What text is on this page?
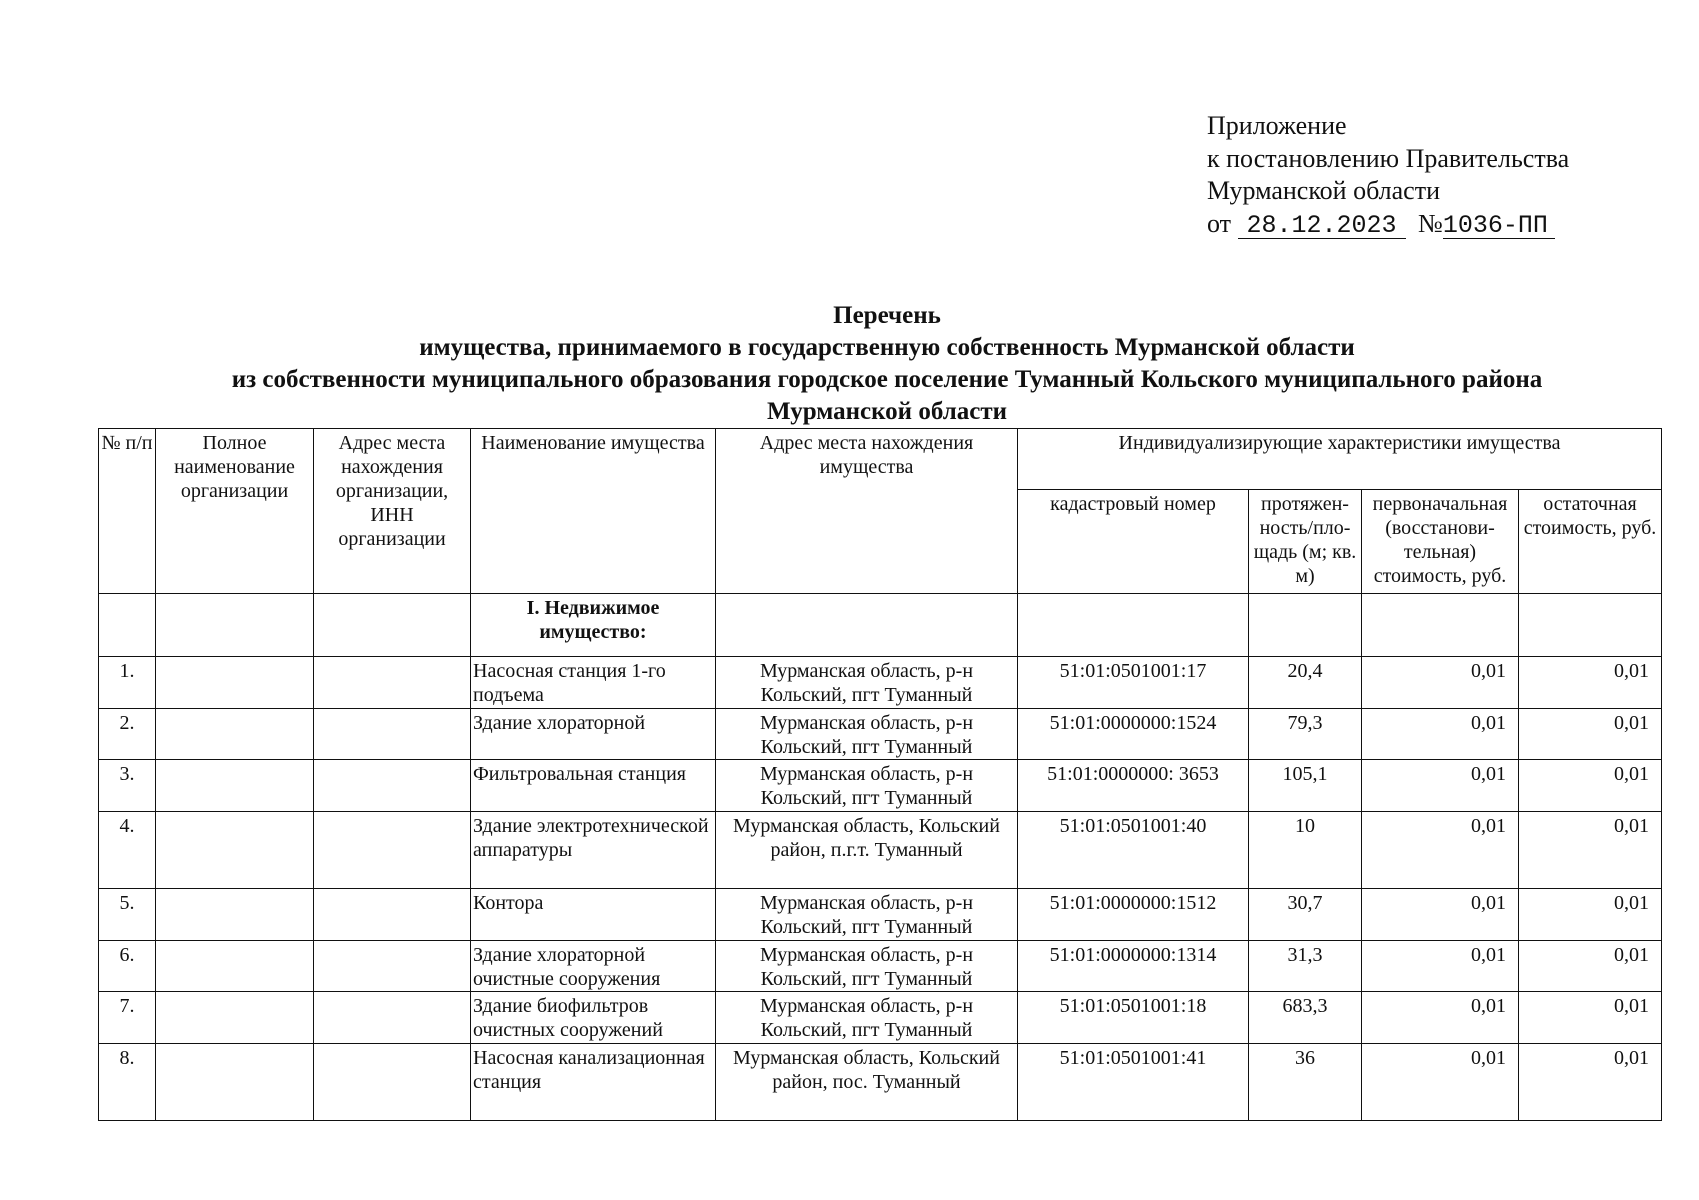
Приложение
к постановлению Правительства
Мурманской области
от 28.12.2023 №1036-ПП
Перечень
имущества, принимаемого в государственную собственность Мурманской области
из собственности муниципального образования городское поселение Туманный Кольского муниципального района
Мурманской области
№ п/п	Полное наименование организации	Адрес места нахождения организации, ИНН организации	Наименование имущества	Адрес места нахождения имущества	Индивидуализирующие характеристики имущества			
					кадастровый номер	протяжен-ность/пло-щадь (м; кв. м)	первоначальная (восстанови-тельная) стоимость, руб.	остаточная стоимость, руб.
			I. Недвижимое имущество:					
1.			Насосная станция 1-го подъема	Мурманская область, р-н Кольский, пгт Туманный	51:01:0501001:17	20,4	0,01	0,01
2.			Здание хлораторной	Мурманская область, р-н Кольский, пгт Туманный	51:01:0000000:1524	79,3	0,01	0,01
3.			Фильтровальная станция	Мурманская область, р-н Кольский, пгт Туманный	51:01:0000000: 3653	105,1	0,01	0,01
4.			Здание электротехнической аппаратуры	Мурманская область, Кольский район, п.г.т. Туманный	51:01:0501001:40	10	0,01	0,01
5.			Контора	Мурманская область, р-н Кольский, пгт Туманный	51:01:0000000:1512	30,7	0,01	0,01
6.			Здание хлораторной очистные сооружения	Мурманская область, р-н Кольский, пгт Туманный	51:01:0000000:1314	31,3	0,01	0,01
7.			Здание биофильтров очистных сооружений	Мурманская область, р-н Кольский, пгт Туманный	51:01:0501001:18	683,3	0,01	0,01
8.			Насосная канализационная станция	Мурманская область, Кольский район, пос. Туманный	51:01:0501001:41	36	0,01	0,01
